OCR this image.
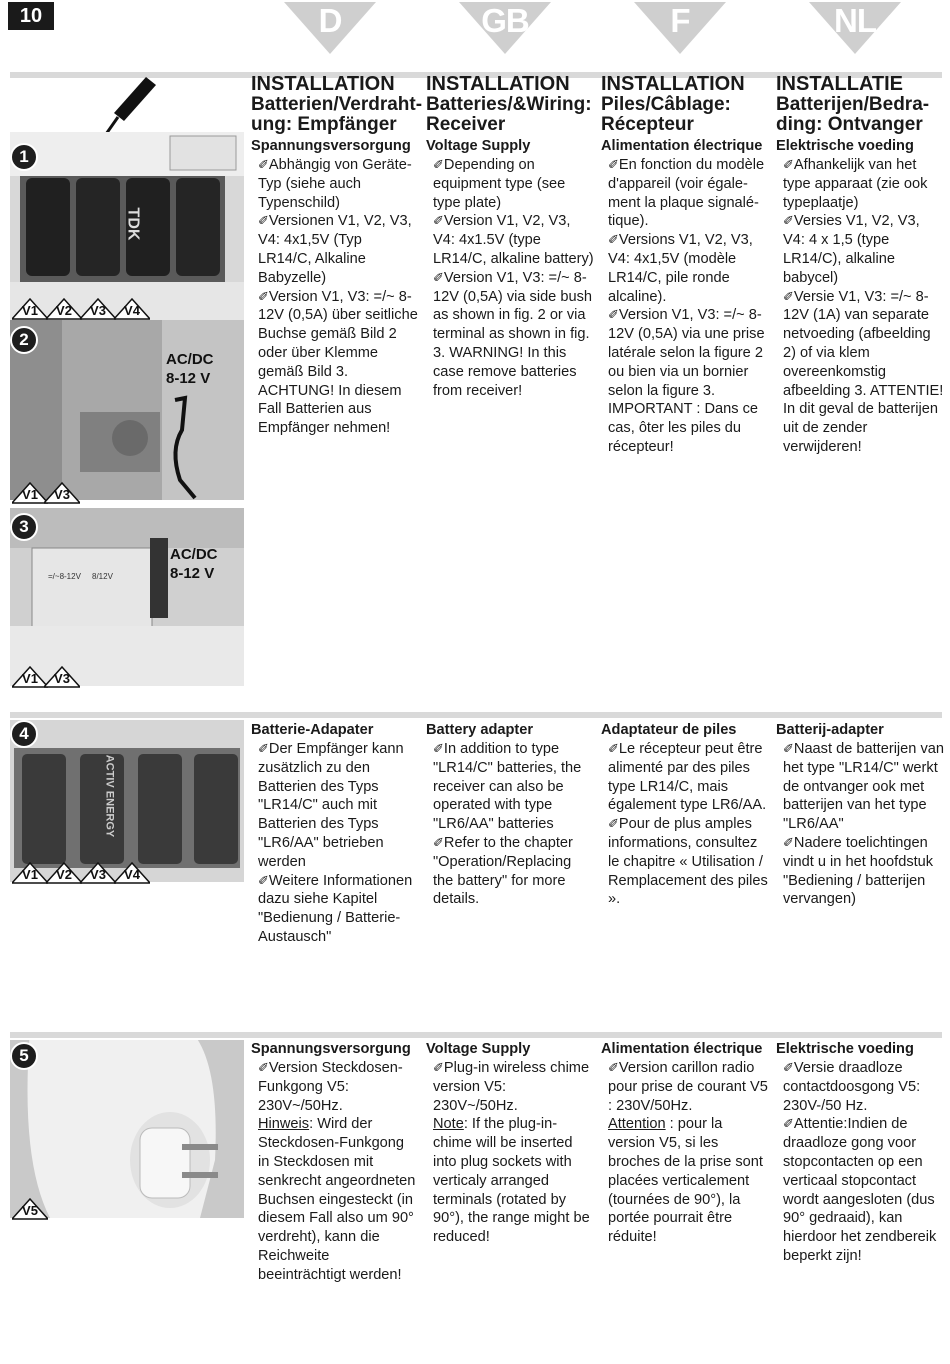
10	D	GB	F	NL
1
V1	V2	V3	V4
2
AC/DC
8-12 V
V1	V3
3
=/~8-12V 8/12V
AC/DC
8-12 V
V1	V3
INSTALLATION
Batterien/Verdraht-ung: Empfänger
Spannungsversorgung

✐Abhängig von Geräte-Typ (siehe auch Typenschild)

✐Versionen V1, V2, V3, V4: 4x1,5V (Typ LR14/C, Alkaline Babyzelle)

✐Version V1, V3: =/~ 8-12V (0,5A) über seitliche Buchse gemäß Bild 2 oder über Klemme gemäß Bild 3. ACHTUNG! In diesem Fall Batterien aus Empfänger nehmen!

INSTALLATION
Batteries/&Wiring: Receiver
Voltage Supply

✐Depending on equipment type (see type plate)

✐Version V1, V2, V3, V4: 4x1.5V (type LR14/C, alkaline battery)

✐Version V1, V3: =/~ 8-12V (0,5A) via side bush as shown in fig. 2 or via terminal as shown in fig. 3. WARNING! In this case remove batteries from receiver!

INSTALLATION
Piles/Câblage: Récepteur
Alimentation électrique

✐En fonction du modèle d'appareil (voir égale-ment la plaque signalé-tique).

✐Versions V1, V2, V3, V4: 4x1,5V (modèle LR14/C, pile ronde alcaline).

✐Version V1, V3: =/~ 8-12V (0,5A) via une prise latérale selon la figure 2 ou bien via un bornier selon la figure 3. IMPORTANT : Dans ce cas, ôter les piles du récepteur!

INSTALLATIE
Batterijen/Bedra-ding: Ontvanger
Elektrische voeding

✐Afhankelijk van het type apparaat (zie ook typeplaatje)

✐Versies V1, V2, V3, V4: 4 x 1,5 (type LR14/C), alkaline babycel)

✐Versie V1, V3: =/~ 8-12V (1A) van separate netvoeding (afbeelding 2) of via klem overeenkomstig afbeelding 3. ATTENTIE! In dit geval de batterijen uit de zender verwijderen!

4
V1	V2	V3	V4
Batterie-Adapater

✐Der Empfänger kann zusätzlich zu den Batterien des Typs "LR14/C" auch mit Batterien des Typs "LR6/AA" betrieben werden

✐Weitere Informationen dazu siehe Kapitel "Bedienung / Batterie-Austausch"

Battery adapter

✐In addition to type "LR14/C" batteries, the receiver can also be operated with type "LR6/AA" batteries

✐Refer to the chapter "Operation/Replacing the battery" for more details.

Adaptateur de piles

✐Le récepteur peut être alimenté par des piles type LR14/C, mais également type LR6/AA.

✐Pour de plus amples informations, consultez le chapitre « Utilisation / Remplacement des piles ».

Batterij-adapter

✐Naast de batterijen van het type "LR14/C" werkt de ontvanger ook met batterijen van het type "LR6/AA"

✐Nadere toelichtingen vindt u in het hoofdstuk "Bediening / batterijen vervangen)

5
V5
Spannungsversorgung

✐Version Steckdosen-Funkgong V5: 230V~/50Hz.

Hinweis: Wird der Steckdosen-Funkgong in Steckdosen mit senkrecht angeordneten Buchsen eingesteckt (in diesem Fall also um 90° verdreht), kann die Reichweite beeinträchtigt werden!

Voltage Supply

✐Plug-in wireless chime version V5: 230V~/50Hz.

Note: If the plug-in-chime will be inserted into plug sockets with verticaly arranged terminals (rotated by 90°), the range might be reduced!

Alimentation électrique

✐Version carillon radio pour prise de courant V5 : 230V/50Hz.

Attention : pour la version V5, si les broches de la prise sont placées verticalement (tournées de 90°), la portée pourrait être réduite!

Elektrische voeding

✐Versie draadloze contactdoosgong V5: 230V-/50 Hz.

✐Attentie:Indien de draadloze gong voor stopcontacten op een verticaal stopcontact wordt aangesloten (dus 90° gedraaid), kan hierdoor het zendbereik beperkt zijn!

TDK
ACTIV ENERGY
